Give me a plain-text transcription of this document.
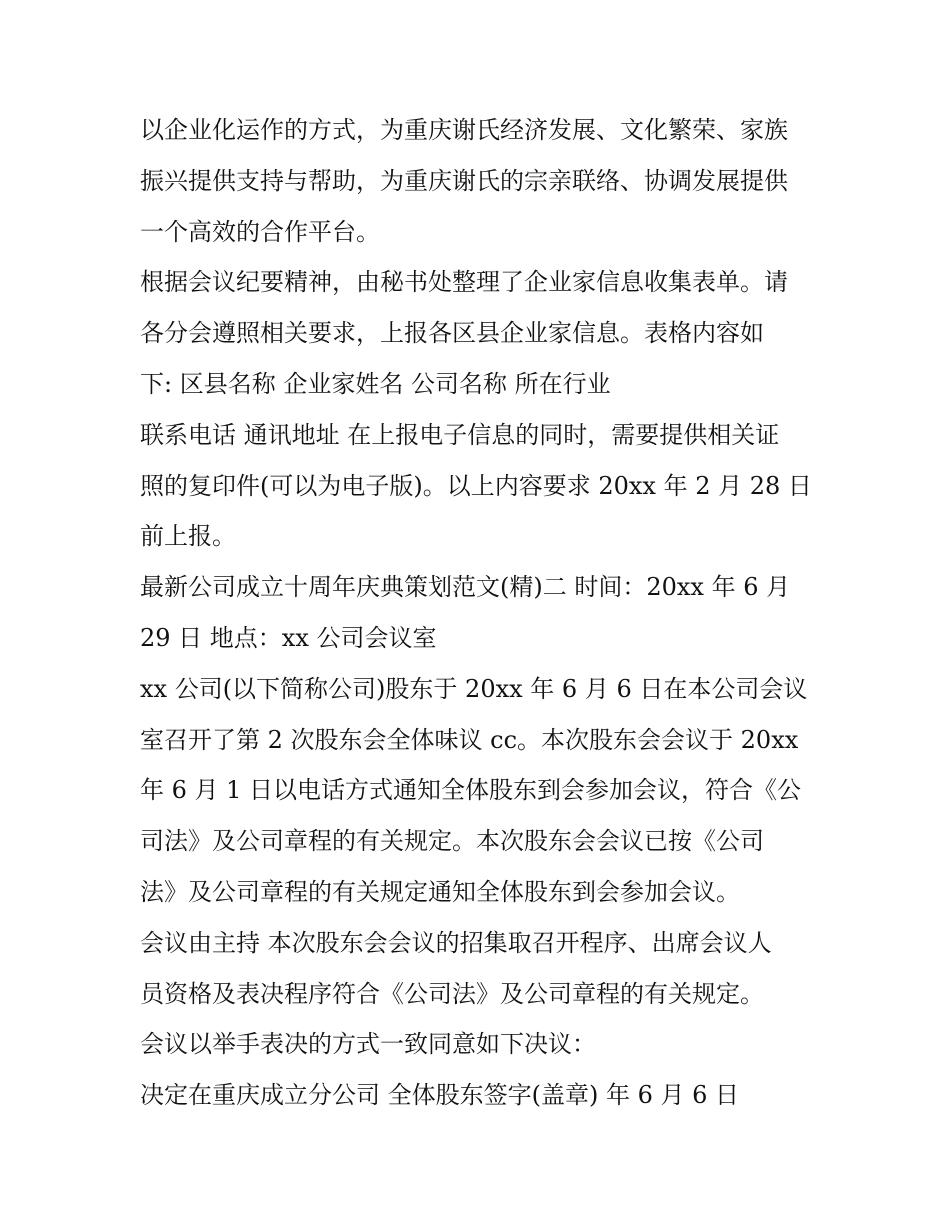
以企业化运作的方式，为重庆谢氏经济发展、文化繁荣、家族
振兴提供支持与帮助，为重庆谢氏的宗亲联络、协调发展提供
一个高效的合作平台。
根据会议纪要精神，由秘书处整理了企业家信息收集表单。请
各分会遵照相关要求，上报各区县企业家信息。表格内容如
下: 区县名称 企业家姓名 公司名称 所在行业
联系电话 通讯地址 在上报电子信息的同时，需要提供相关证
照的复印件(可以为电子版)。以上内容要求 20xx 年 2 月 28 日
前上报。
最新公司成立十周年庆典策划范文(精)二 时间：20xx 年 6 月
29 日 地点：xx 公司会议室
xx 公司(以下简称公司)股东于 20xx 年 6 月 6 日在本公司会议
室召开了第 2 次股东会全体味议 cc。本次股东会会议于 20xx
年 6 月 1 日以电话方式通知全体股东到会参加会议，符合《公
司法》及公司章程的有关规定。本次股东会会议已按《公司
法》及公司章程的有关规定通知全体股东到会参加会议。
会议由主持 本次股东会会议的招集取召开程序、出席会议人
员资格及表决程序符合《公司法》及公司章程的有关规定。
会议以举手表决的方式一致同意如下决议：
决定在重庆成立分公司 全体股东签字(盖章) 年 6 月 6 日
